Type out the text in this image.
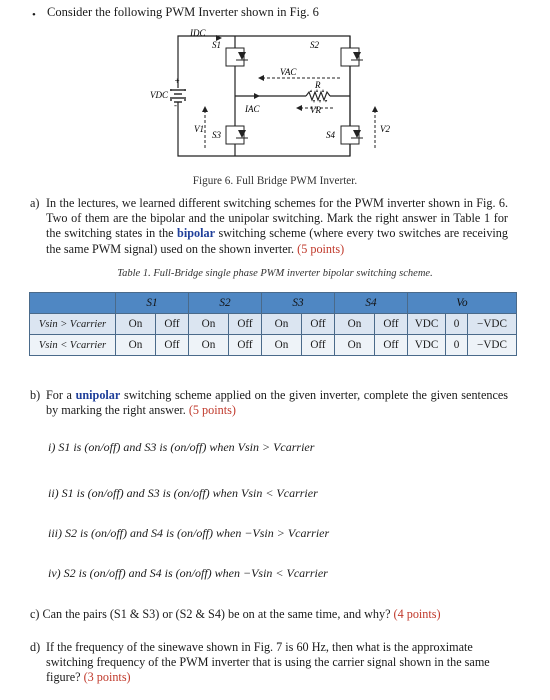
• Consider the following PWM Inverter shown in Fig. 6
IDC
S1	S2
S3	S4
VDC
VAC
IAC
R
VR
V1	V2
+
-
Figure 6. Full Bridge PWM Inverter.
a) In the lectures, we learned different switching schemes for the PWM inverter shown in Fig. 6. Two of them are the bipolar and the unipolar switching. Mark the right answer in Table 1 for the switching states in the bipolar switching scheme (where every two switches are receiving the same PWM signal) used on the shown inverter. (5 points)
Table 1. Full-Bridge single phase PWM inverter bipolar switching scheme.
	S1		S2		S3		S4		Vo		
Vsin > Vcarrier	On	Off	On	Off	On	Off	On	Off	VDC	0	−VDC
Vsin < Vcarrier	On	Off	On	Off	On	Off	On	Off	VDC	0	−VDC
b) For a unipolar switching scheme applied on the given inverter, complete the given sentences by marking the right answer. (5 points)
i) S1 is (on/off) and S3 is (on/off) when Vsin > Vcarrier
ii) S1 is (on/off) and S3 is (on/off) when Vsin < Vcarrier
iii) S2 is (on/off) and S4 is (on/off) when −Vsin > Vcarrier
iv) S2 is (on/off) and S4 is (on/off) when −Vsin < Vcarrier
c) Can the pairs (S1 & S3) or (S2 & S4) be on at the same time, and why? (4 points)
d) If the frequency of the sinewave shown in Fig. 7 is 60 Hz, then what is the approximate switching frequency of the PWM inverter that is using the carrier signal shown in the same figure? (3 points)
